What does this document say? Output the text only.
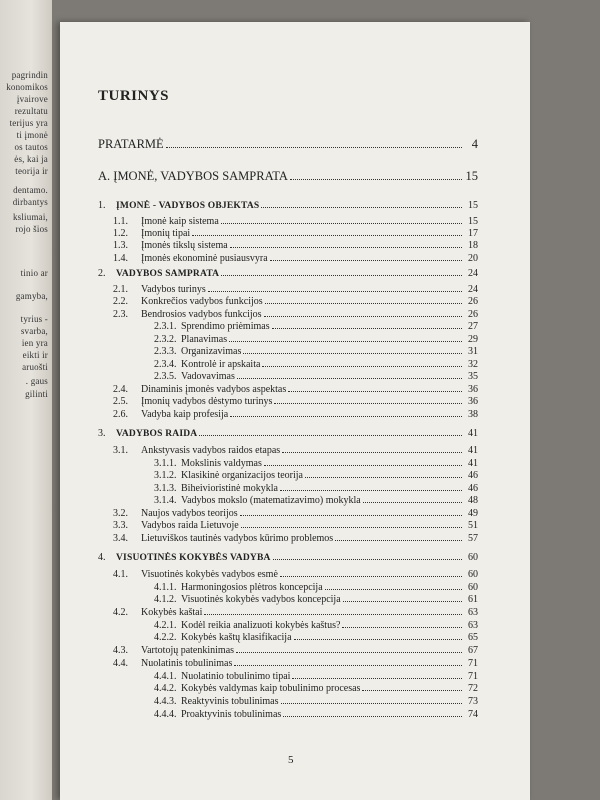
pagrindin
konomikos
įvairove
rezultatu
terijus yra
ti įmonė
os tautos
ės, kai ja
teorija ir
dentamo.
dirbantys
ksliumai,
rojo šios
tinio ar
gamyba,
tyrius -
svarba,
ien yra
eikti ir
aruošti
. gaus
gilinti
TURINYS
PRATARMĖ	4
A. ĮMONĖ, VADYBOS SAMPRATA	15
1.	ĮMONĖ - VADYBOS OBJEKTAS	15
1.1.	Įmonė kaip sistema	15
1.2.	Įmonių tipai	17
1.3.	Įmonės tikslų sistema	18
1.4.	Įmonės ekonominė pusiausvyra	20
2.	VADYBOS SAMPRATA	24
2.1.	Vadybos turinys	24
2.2.	Konkrečios vadybos funkcijos	26
2.3.	Bendrosios vadybos funkcijos	26
2.3.1. Sprendimo priėmimas	27
2.3.2. Planavimas	29
2.3.3. Organizavimas	31
2.3.4. Kontrolė ir apskaita	32
2.3.5. Vadovavimas	35
2.4.	Dinaminis įmonės vadybos aspektas	36
2.5.	Įmonių vadybos dėstymo turinys	36
2.6.	Vadyba kaip profesija	38
3.	VADYBOS RAIDA	41
3.1.	Ankstyvasis vadybos raidos etapas	41
3.1.1. Mokslinis valdymas	41
3.1.2. Klasikinė organizacijos teorija	46
3.1.3. Biheivioristinė mokykla	46
3.1.4. Vadybos mokslo (matematizavimo) mokykla	48
3.2.	Naujos vadybos teorijos	49
3.3.	Vadybos raida Lietuvoje	51
3.4.	Lietuviškos tautinės vadybos kūrimo problemos	57
4.	VISUOTINĖS KOKYBĖS VADYBA	60
4.1.	Visuotinės kokybės vadybos esmė	60
4.1.1. Harmoningosios plėtros koncepcija	60
4.1.2. Visuotinės kokybės vadybos koncepcija	61
4.2.	Kokybės kaštai	63
4.2.1. Kodėl reikia analizuoti kokybės kaštus?	63
4.2.2. Kokybės kaštų klasifikacija	65
4.3.	Vartotojų patenkinimas	67
4.4.	Nuolatinis tobulinimas	71
4.4.1. Nuolatinio tobulinimo tipai	71
4.4.2. Kokybės valdymas kaip tobulinimo procesas	72
4.4.3. Reaktyvinis tobulinimas	73
4.4.4. Proaktyvinis tobulinimas	74
5
